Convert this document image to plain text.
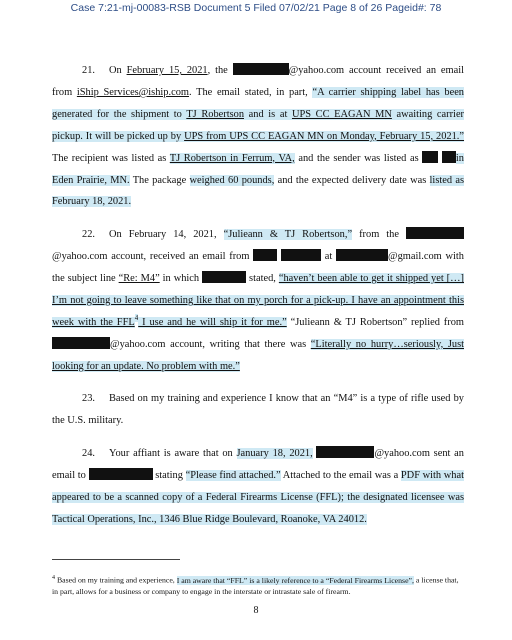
Case 7:21-mj-00083-RSB Document 5 Filed 07/02/21 Page 8 of 26 Pageid#: 78

21. On February 15, 2021, the	@yahoo.com account received an email from iShip Services@iship.com. The email stated, in part, “A carrier shipping label has been generated for the shipment to TJ Robertson and is at UPS CC EAGAN MN awaiting carrier pickup. It will be picked up by UPS from UPS CC EAGAN MN on Monday, February 15, 2021.” The recipient was listed as TJ Robertson in Ferrum, VA, and the sender was listed as	in Eden Prairie, MN. The package weighed 60 pounds, and the expected delivery date was listed as February 18, 2021.

22. On February 14, 2021, “Julieann & TJ Robertson,” from the @yahoo.com account, received an email from	at	@gmail.com with the subject line “Re: M4” in which	stated, “haven’t been able to get it shipped yet […] I’m not going to leave something like that on my porch for a pick-up. I have an appointment this week with the FFL$^4$ I use and he will ship it for me.” “Julieann & TJ Robertson” replied from @yahoo.com account, writing that there was “Literally no hurry…seriously, Just looking for an update. No problem with me.”

23. Based on my training and experience I know that an “M4” is a type of rifle used by the U.S. military.

24. Your affiant is aware that on January 18, 2021,	@yahoo.com sent an email to	stating “Please find attached.” Attached to the email was a PDF with what appeared to be a scanned copy of a Federal Firearms License (FFL); the designated licensee was Tactical Operations, Inc., 1346 Blue Ridge Boulevard, Roanoke, VA 24012.

$^4$ Based on my training and experience, I am aware that “FFL” is a likely reference to a “Federal Firearms License”, a license that, in part, allows for a business or company to engage in the interstate or intrastate sale of firearm.
8
